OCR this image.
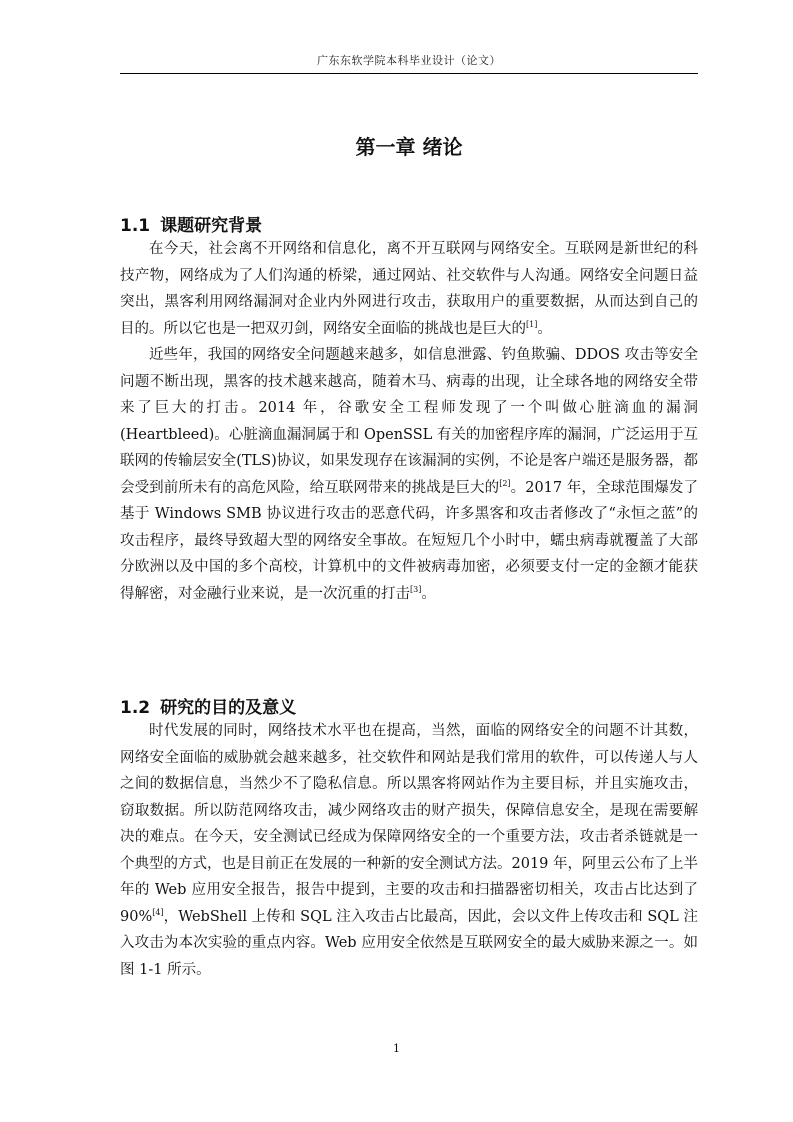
广东东软学院本科毕业设计（论文）
第一章 绪论
1.1 课题研究背景

在今天，社会离不开网络和信息化，离不开互联网与网络安全。互联网是新世纪的科技产物，网络成为了人们沟通的桥梁，通过网站、社交软件与人沟通。网络安全问题日益突出，黑客利用网络漏洞对企业内外网进行攻击，获取用户的重要数据，从而达到自己的目的。所以它也是一把双刃剑，网络安全面临的挑战也是巨大的[1]。

近些年，我国的网络安全问题越来越多，如信息泄露、钓鱼欺骗、DDOS 攻击等安全问题不断出现，黑客的技术越来越高，随着木马、病毒的出现，让全球各地的网络安全带来了巨大的打击。2014 年，谷歌安全工程师发现了一个叫做心脏滴血的漏洞(Heartbleed)。心脏滴血漏洞属于和 OpenSSL 有关的加密程序库的漏洞，广泛运用于互联网的传输层安全(TLS)协议，如果发现存在该漏洞的实例，不论是客户端还是服务器，都会受到前所未有的高危风险，给互联网带来的挑战是巨大的[2]。2017 年，全球范围爆发了基于 Windows SMB 协议进行攻击的恶意代码，许多黑客和攻击者修改了“永恒之蓝”的攻击程序，最终导致超大型的网络安全事故。在短短几个小时中，蠕虫病毒就覆盖了大部分欧洲以及中国的多个高校，计算机中的文件被病毒加密，必须要支付一定的金额才能获得解密，对金融行业来说，是一次沉重的打击[3]。

1.2 研究的目的及意义

时代发展的同时，网络技术水平也在提高，当然，面临的网络安全的问题不计其数，网络安全面临的威胁就会越来越多，社交软件和网站是我们常用的软件，可以传递人与人之间的数据信息，当然少不了隐私信息。所以黑客将网站作为主要目标，并且实施攻击，窃取数据。所以防范网络攻击，减少网络攻击的财产损失，保障信息安全，是现在需要解决的难点。在今天，安全测试已经成为保障网络安全的一个重要方法，攻击者杀链就是一个典型的方式，也是目前正在发展的一种新的安全测试方法。2019 年，阿里云公布了上半年的 Web 应用安全报告，报告中提到，主要的攻击和扫描器密切相关，攻击占比达到了 90%[4]，WebShell 上传和 SQL 注入攻击占比最高，因此，会以文件上传攻击和 SQL 注入攻击为本次实验的重点内容。Web 应用安全依然是互联网安全的最大威胁来源之一。如图 1-1 所示。

1
